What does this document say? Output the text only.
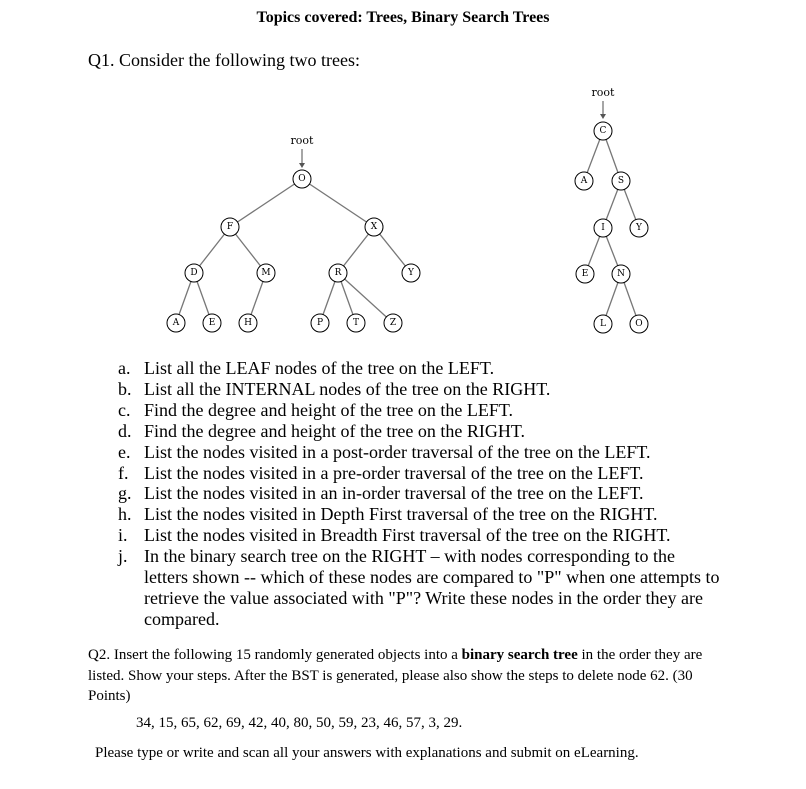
Topics covered: Trees, Binary Search Trees
Q1. Consider the following two trees:
root
O
F	X
D	M	R	Y
A	E	H	P	T	Z
root
C
A	S
I	Y
E	N
L	O
a. List all the LEAF nodes of the tree on the LEFT.
b. List all the INTERNAL nodes of the tree on the RIGHT.
c. Find the degree and height of the tree on the LEFT.
d. Find the degree and height of the tree on the RIGHT.
e. List the nodes visited in a post-order traversal of the tree on the LEFT.
f. List the nodes visited in a pre-order traversal of the tree on the LEFT.
g. List the nodes visited in an in-order traversal of the tree on the LEFT.
h. List the nodes visited in Depth First traversal of the tree on the RIGHT.
i. List the nodes visited in Breadth First traversal of the tree on the RIGHT.
j. In the binary search tree on the RIGHT – with nodes corresponding to the
letters shown -- which of these nodes are compared to "P" when one attempts to
retrieve the value associated with "P"? Write these nodes in the order they are
compared.
Q2. Insert the following 15 randomly generated objects into a binary search tree in the order they are listed. Show your steps. After the BST is generated, please also show the steps to delete node 62. (30 Points)
34, 15, 65, 62, 69, 42, 40, 80, 50, 59, 23, 46, 57, 3, 29.
Please type or write and scan all your answers with explanations and submit on eLearning.
